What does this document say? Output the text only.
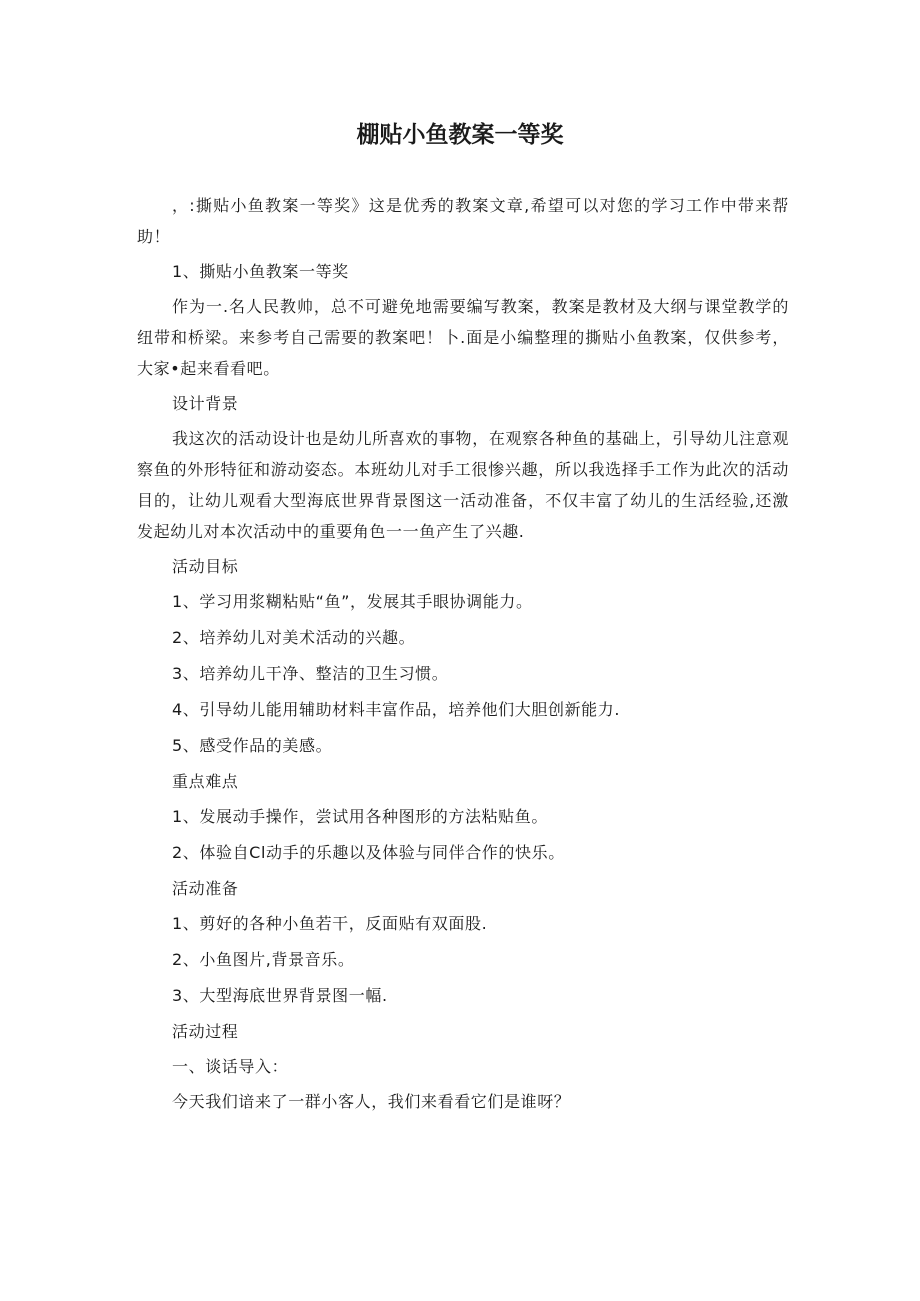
棚贴小鱼教案一等奖

，:撕贴小鱼教案一等奖》这是优秀的教案文章,希望可以对您的学习工作中带来帮助！

1、撕贴小鱼教案一等奖

作为一.名人民教帅，总不可避免地需要编写教案，教案是教材及大纲与课堂教学的纽带和桥梁。来参考自己需要的教案吧！卜.面是小编整理的撕贴小鱼教案，仅供参考，大家•起来看看吧。

设计背景

我这次的活动设计也是幼儿所喜欢的事物，在观察各种鱼的基础上，引导幼儿注意观察鱼的外形特征和游动姿态。本班幼儿对手工很惨兴趣，所以我选择手工作为此次的活动目的，让幼儿观看大型海底世界背景图这一活动准备，不仅丰富了幼儿的生活经验,还激发起幼儿对本次活动中的重要角色一一鱼产生了兴趣.

活动目标

1、学习用浆糊粘贴“鱼”，发展其手眼协调能力。

2、培养幼儿对美术活动的兴趣。

3、培养幼儿干净、整洁的卫生习惯。

4、引导幼儿能用辅助材料丰富作品，培养他们大胆创新能力.

5、感受作品的美感。

重点难点

1、发展动手操作，尝试用各种图形的方法粘贴鱼。

2、体验自Cl动手的乐趣以及体验与同伴合作的快乐。

活动准备

1、剪好的各种小鱼若干，反面贴有双面股.

2、小鱼图片,背景音乐。

3、大型海底世界背景图一幅.

活动过程

一、谈话导入：

今天我们谙来了一群小客人，我们来看看它们是谁呀？
